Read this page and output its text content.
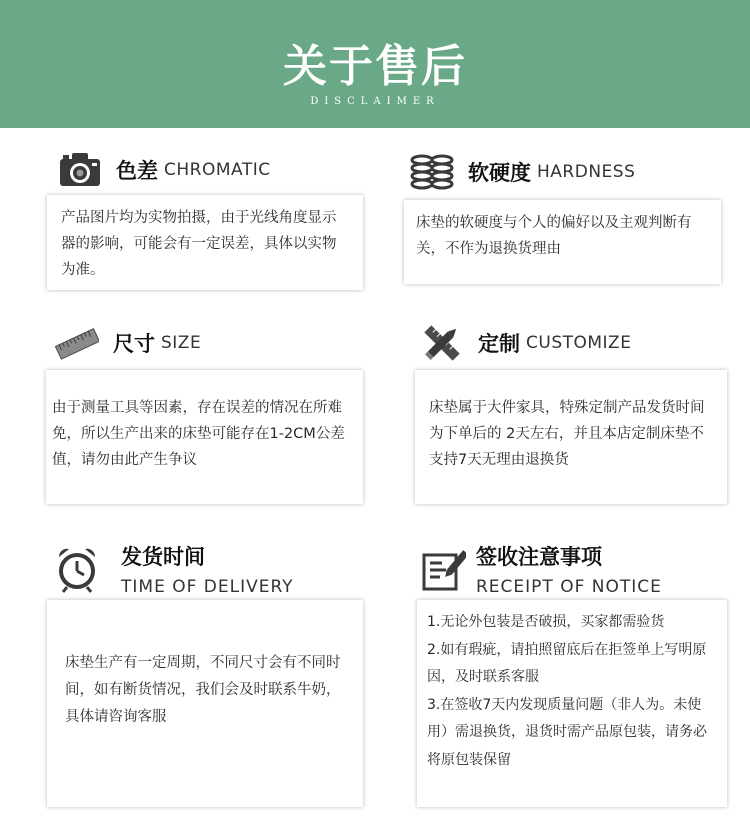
关于售后
DISCLAIMER
色差 CHROMATIC

产品图片均为实物拍摄，由于光线角度显示器的影响，可能会有一定误差，具体以实物为准。

软硬度 HARDNESS

床垫的软硬度与个人的偏好以及主观判断有关，不作为退换货理由

尺寸 SIZE

由于测量工具等因素，存在误差的情况在所难免，所以生产出来的床垫可能存在1-2CM公差值，请勿由此产生争议

定制 CUSTOMIZE

床垫属于大件家具，特殊定制产品发货时间为下单后的 2天左右，并且本店定制床垫不支持7天无理由退换货

发货时间
TIME OF DELIVERY

床垫生产有一定周期，不同尺寸会有不同时间，如有断货情况，我们会及时联系牛奶，具体请咨询客服

签收注意事项
RECEIPT OF NOTICE

1.无论外包装是否破损，买家都需验货

2.如有瑕疵，请拍照留底后在拒签单上写明原因，及时联系客服

3.在签收7天内发现质量问题（非人为。未使用）需退换货，退货时需产品原包装，请务必将原包装保留
